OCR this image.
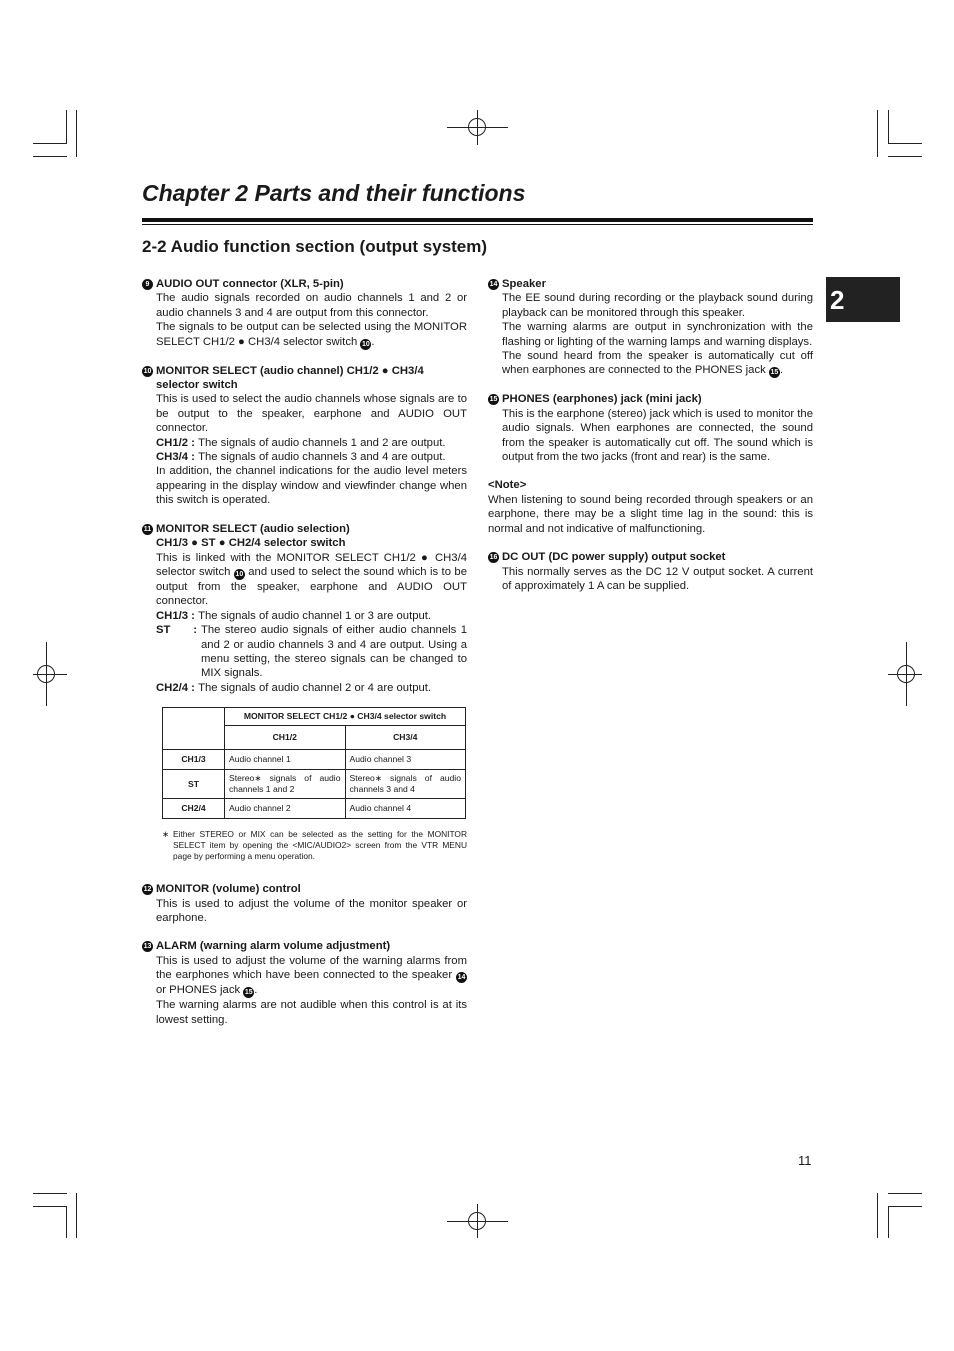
Chapter 2 Parts and their functions
2-2 Audio function section (output system)
2
9 AUDIO OUT connector (XLR, 5-pin)

The audio signals recorded on audio channels 1 and 2 or audio channels 3 and 4 are output from this connector.

The signals to be output can be selected using the MONITOR SELECT CH1/2 ● CH3/4 selector switch 10 .

10 MONITOR SELECT (audio channel) CH1/2 ● CH3/4 selector switch

This is used to select the audio channels whose signals are to be output to the speaker, earphone and AUDIO OUT connector.

CH1/2 :
The signals of audio channels 1 and 2 are output.
CH3/4 :
The signals of audio channels 3 and 4 are output.

In addition, the channel indications for the audio level meters appearing in the display window and viewfinder change when this switch is operated.

11 MONITOR SELECT (audio selection)
CH1/3 ● ST ● CH2/4 selector switch

This is linked with the MONITOR SELECT CH1/2 ● CH3/4 selector switch 10 and used to select the sound which is to be output from the speaker, earphone and AUDIO OUT connector.

CH1/3 :
The signals of audio channel 1 or 3 are output.
ST : The stereo audio signals of either audio channels 1 and 2 or audio channels 3 and 4 are output. Using a menu setting, the stereo signals can be changed to MIX signals.
CH2/4 :
The signals of audio channel 2 or 4 are output.
	MONITOR SELECT CH1/2 ● CH3/4 selector switch	
	CH1/2	CH3/4
CH1/3	Audio channel 1	Audio channel 3
ST	Stereo∗ signals of audio channels 1 and 2	Stereo∗ signals of audio channels 3 and 4
CH2/4	Audio channel 2	Audio channel 4
∗ Either STEREO or MIX can be selected as the setting for the MONITOR SELECT item by opening the <MIC/AUDIO2> screen from the VTR MENU page by performing a menu operation.
12 MONITOR (volume) control

This is used to adjust the volume of the monitor speaker or earphone.

13 ALARM (warning alarm volume adjustment)

This is used to adjust the volume of the warning alarms from the earphones which have been connected to the speaker 14 or PHONES jack 15 .

The warning alarms are not audible when this control is at its lowest setting.

14 Speaker

The EE sound during recording or the playback sound during playback can be monitored through this speaker.

The warning alarms are output in synchronization with the flashing or lighting of the warning lamps and warning displays.

The sound heard from the speaker is automatically cut off when earphones are connected to the PHONES jack 15 .

15 PHONES (earphones) jack (mini jack)

This is the earphone (stereo) jack which is used to monitor the audio signals. When earphones are connected, the sound from the speaker is automatically cut off. The sound which is output from the two jacks (front and rear) is the same.

<Note>
When listening to sound being recorded through speakers or an earphone, there may be a slight time lag in the sound: this is normal and not indicative of malfunctioning.
16 DC OUT (DC power supply) output socket

This normally serves as the DC 12 V output socket. A current of approximately 1 A can be supplied.

11
